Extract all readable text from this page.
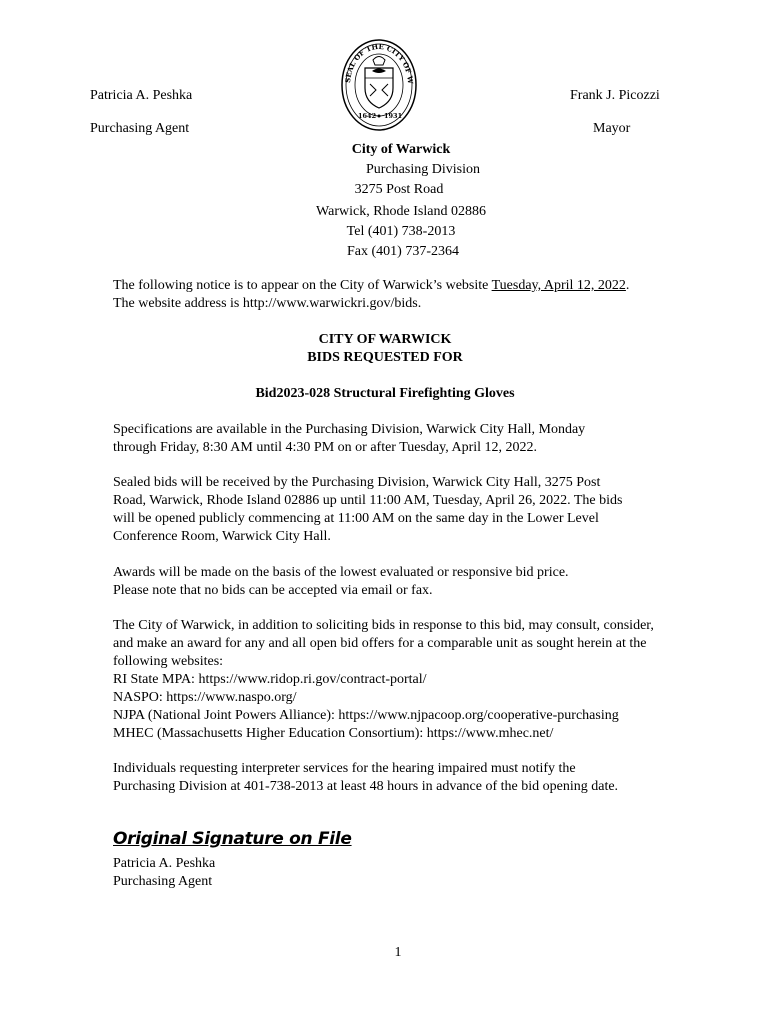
Patricia A. Peshka
Purchasing Agent
Frank J. Picozzi
Mayor
SEAL OF THE CITY OF W
1642 1931
City of Warwick
Purchasing Division
3275 Post Road
Warwick, Rhode Island 02886
Tel (401) 738-2013
Fax (401) 737-2364
The following notice is to appear on the City of Warwick’s website Tuesday, April 12, 2022.
The website address is http://www.warwickri.gov/bids.
CITY OF WARWICK
BIDS REQUESTED FOR
Bid2023-028 Structural Firefighting Gloves
Specifications are available in the Purchasing Division, Warwick City Hall, Monday
through Friday, 8:30 AM until 4:30 PM on or after Tuesday, April 12, 2022.
Sealed bids will be received by the Purchasing Division, Warwick City Hall, 3275 Post
Road, Warwick, Rhode Island 02886 up until 11:00 AM, Tuesday, April 26, 2022. The bids
will be opened publicly commencing at 11:00 AM on the same day in the Lower Level
Conference Room, Warwick City Hall.
Awards will be made on the basis of the lowest evaluated or responsive bid price.
Please note that no bids can be accepted via email or fax.
The City of Warwick, in addition to soliciting bids in response to this bid, may consult, consider,
and make an award for any and all open bid offers for a comparable unit as sought herein at the
following websites:
RI State MPA: https://www.ridop.ri.gov/contract-portal/
NASPO: https://www.naspo.org/
NJPA (National Joint Powers Alliance): https://www.njpacoop.org/cooperative-purchasing
MHEC (Massachusetts Higher Education Consortium): https://www.mhec.net/
Individuals requesting interpreter services for the hearing impaired must notify the
Purchasing Division at 401-738-2013 at least 48 hours in advance of the bid opening date.
Original Signature on File
Patricia A. Peshka
Purchasing Agent
1
